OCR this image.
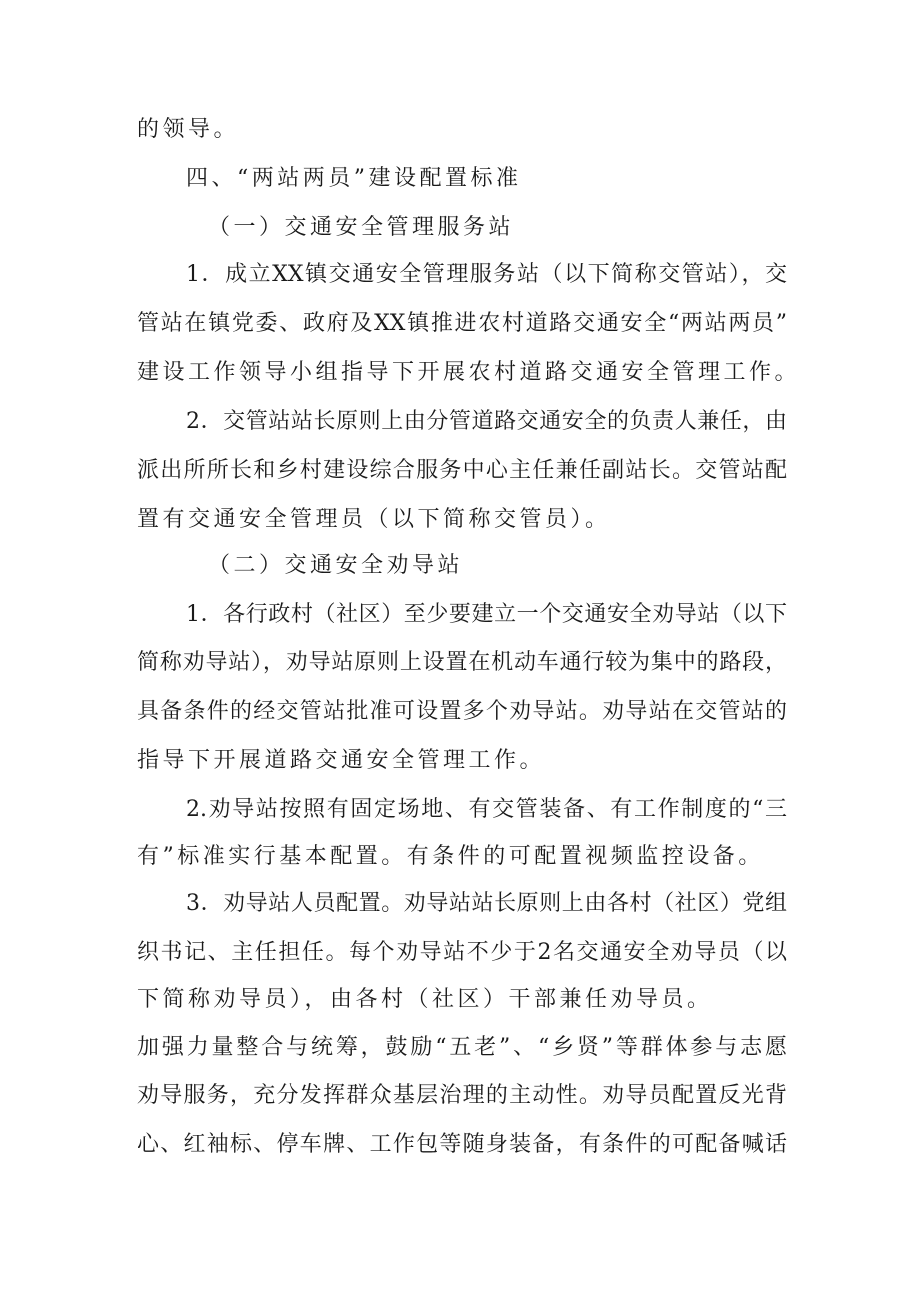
的领导。
四、“两站两员”建设配置标准
（一）交通安全管理服务站
1．成立XX镇交通安全管理服务站（以下简称交管站），交
管站在镇党委、政府及XX镇推进农村道路交通安全“两站两员”
建设工作领导小组指导下开展农村道路交通安全管理工作。
2．交管站站长原则上由分管道路交通安全的负责人兼任，由
派出所所长和乡村建设综合服务中心主任兼任副站长。交管站配
置有交通安全管理员（以下简称交管员）。
（二）交通安全劝导站
1．各行政村（社区）至少要建立一个交通安全劝导站（以下
简称劝导站），劝导站原则上设置在机动车通行较为集中的路段，
具备条件的经交管站批准可设置多个劝导站。劝导站在交管站的
指导下开展道路交通安全管理工作。
2.劝导站按照有固定场地、有交管装备、有工作制度的“三
有”标准实行基本配置。有条件的可配置视频监控设备。
3．劝导站人员配置。劝导站站长原则上由各村（社区）党组
织书记、主任担任。每个劝导站不少于2名交通安全劝导员（以
下简称劝导员），由各村（社区）干部兼任劝导员。
加强力量整合与统筹，鼓励“五老”、“乡贤”等群体参与志愿
劝导服务，充分发挥群众基层治理的主动性。劝导员配置反光背
心、红袖标、停车牌、工作包等随身装备，有条件的可配备喊话
